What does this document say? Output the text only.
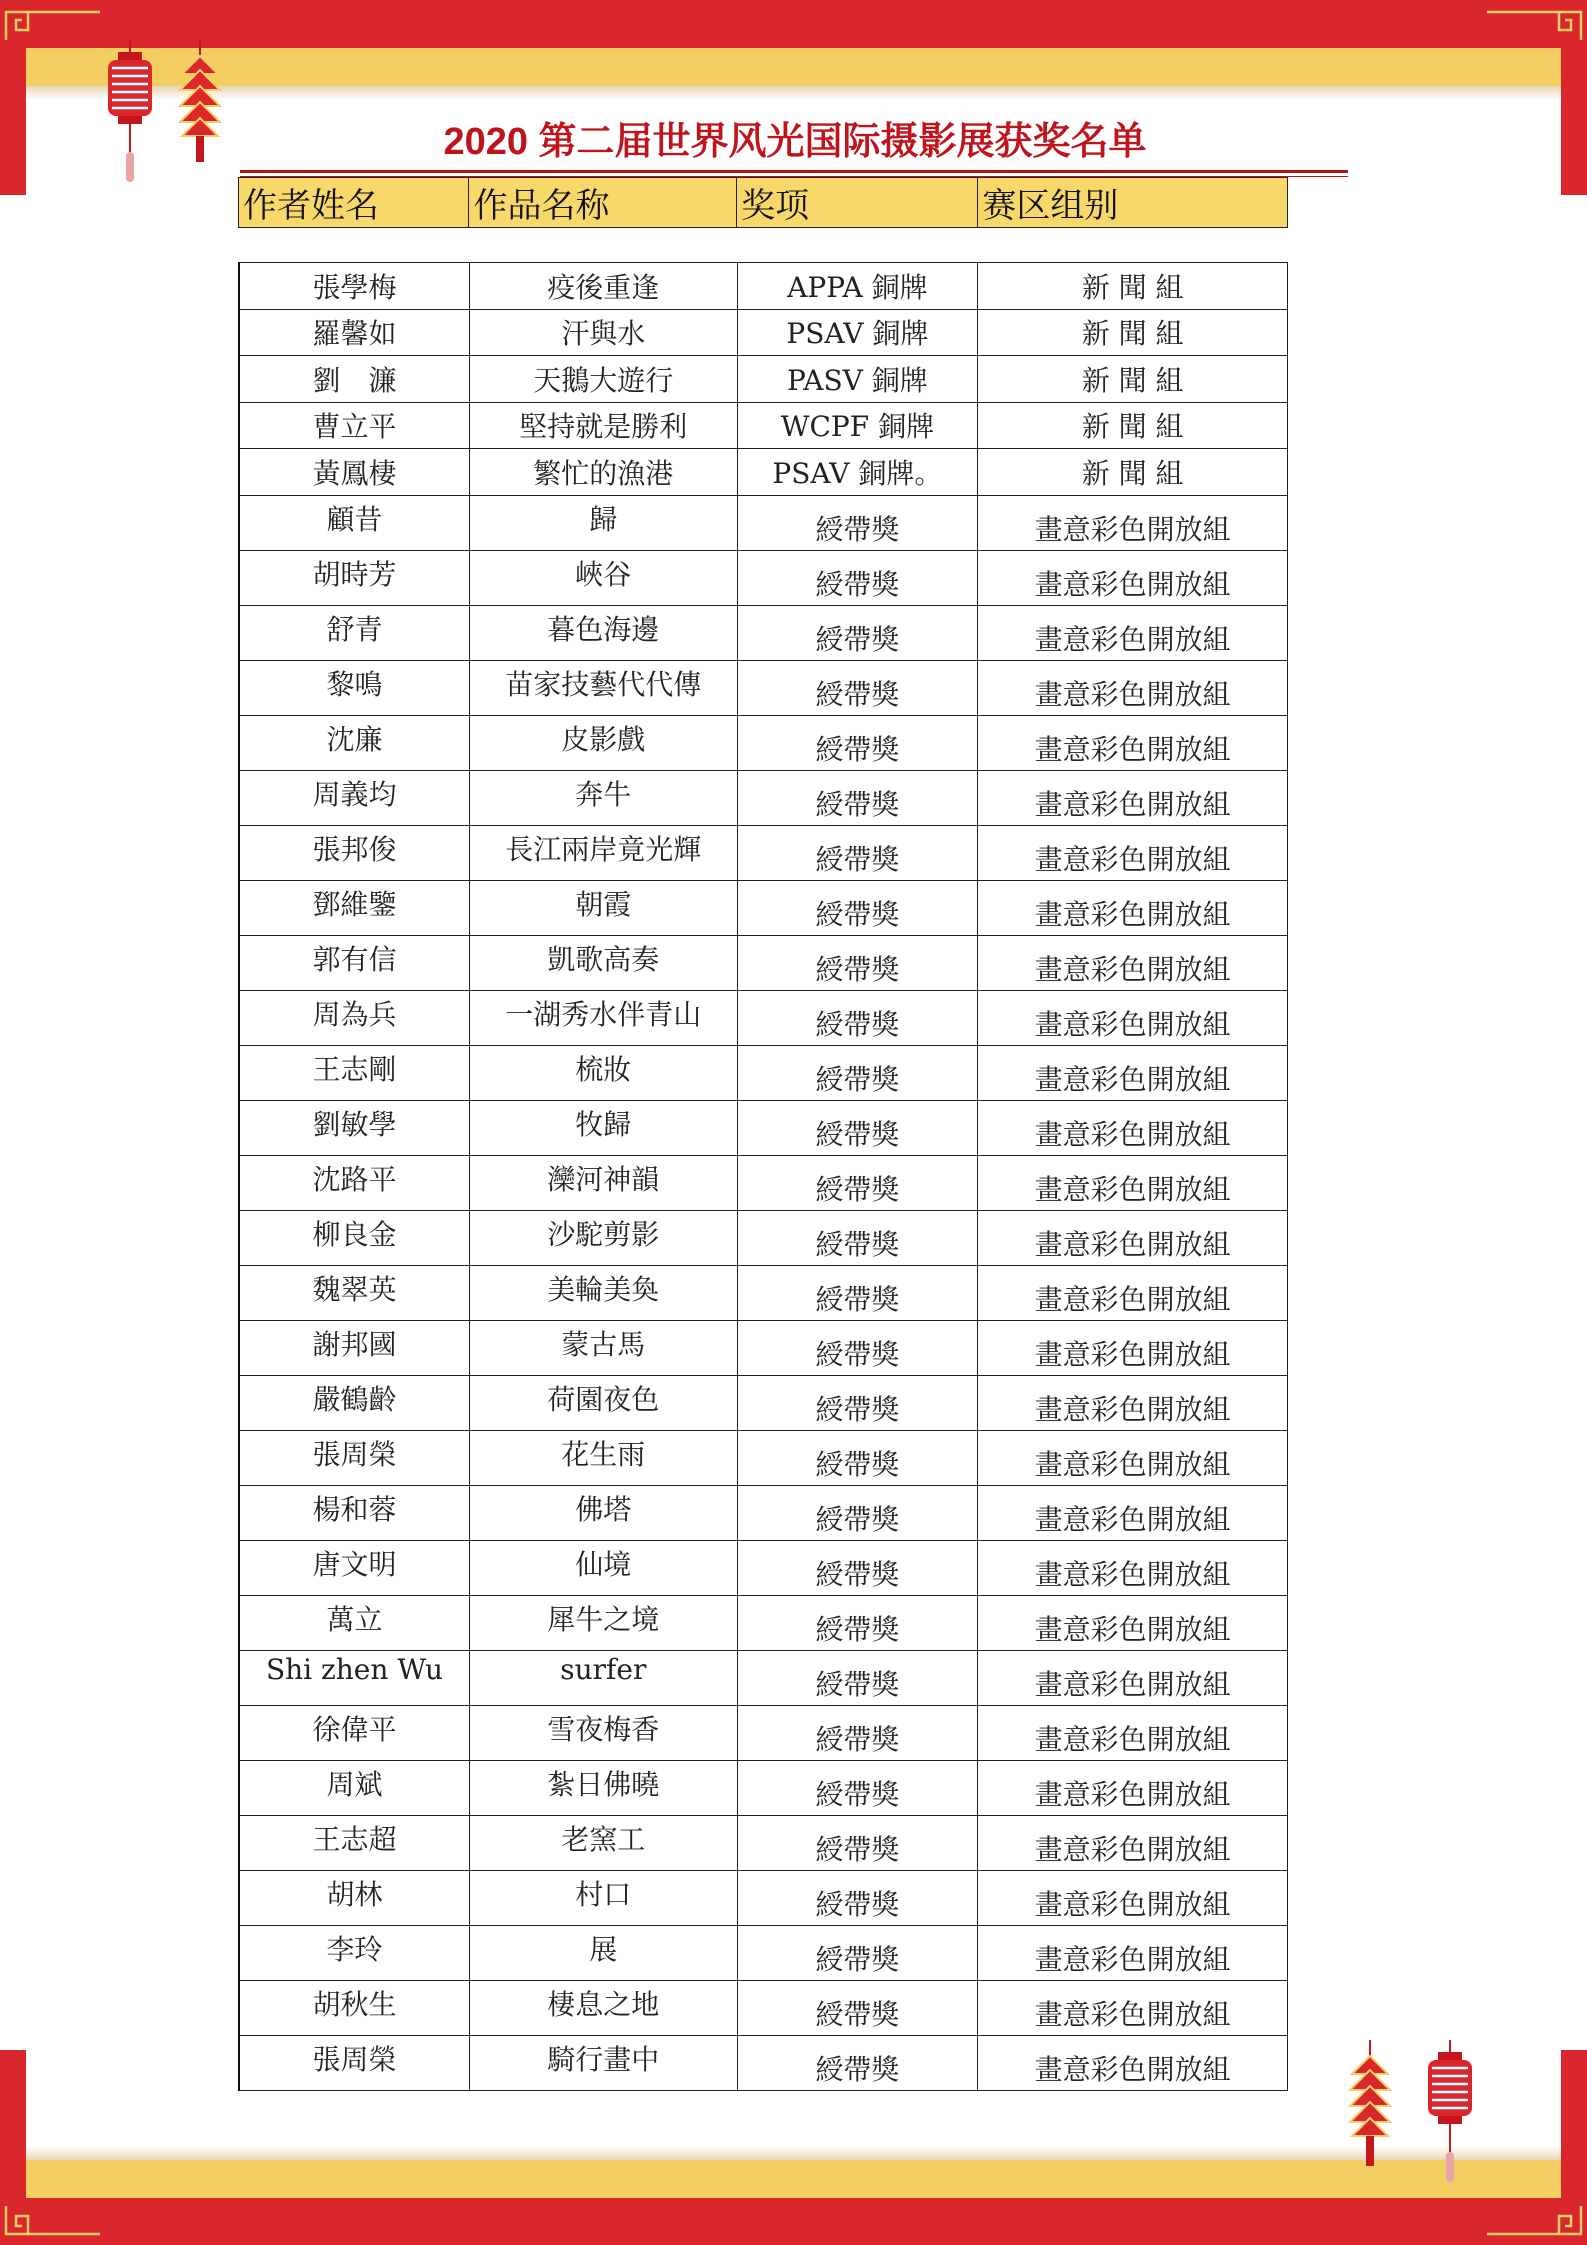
2020 第二届世界风光国际摄影展获奖名单
作者姓名	作品名称	奖项	赛区组别
張學梅	疫後重逢	APPA 銅牌	新 聞 組
羅馨如	汗與水	PSAV 銅牌	新 聞 組
劉　濂	天鵝大遊行	PASV 銅牌	新 聞 組
曹立平	堅持就是勝利	WCPF 銅牌	新 聞 組
黃鳳棲	繁忙的漁港	PSAV 銅牌。	新 聞 組
顧昔	歸	綬帶獎	畫意彩色開放組
胡時芳	峽谷	綬帶獎	畫意彩色開放組
舒青	暮色海邊	綬帶獎	畫意彩色開放組
黎鳴	苗家技藝代代傳	綬帶獎	畫意彩色開放組
沈廉	皮影戲	綬帶獎	畫意彩色開放組
周義均	奔牛	綬帶獎	畫意彩色開放組
張邦俊	長江兩岸竟光輝	綬帶獎	畫意彩色開放組
鄧維鑒	朝霞	綬帶獎	畫意彩色開放組
郭有信	凱歌高奏	綬帶獎	畫意彩色開放組
周為兵	一湖秀水伴青山	綬帶獎	畫意彩色開放組
王志剛	梳妝	綬帶獎	畫意彩色開放組
劉敏學	牧歸	綬帶獎	畫意彩色開放組
沈路平	灤河神韻	綬帶獎	畫意彩色開放組
柳良金	沙駝剪影	綬帶獎	畫意彩色開放組
魏翠英	美輪美奐	綬帶獎	畫意彩色開放組
謝邦國	蒙古馬	綬帶獎	畫意彩色開放組
嚴鶴齡	荷園夜色	綬帶獎	畫意彩色開放組
張周榮	花生雨	綬帶獎	畫意彩色開放組
楊和蓉	佛塔	綬帶獎	畫意彩色開放組
唐文明	仙境	綬帶獎	畫意彩色開放組
萬立	犀牛之境	綬帶獎	畫意彩色開放組
Shi zhen Wu	surfer	綬帶獎	畫意彩色開放組
徐偉平	雪夜梅香	綬帶獎	畫意彩色開放組
周斌	紮日佛曉	綬帶獎	畫意彩色開放組
王志超	老窯工	綬帶獎	畫意彩色開放組
胡林	村口	綬帶獎	畫意彩色開放組
李玲	展	綬帶獎	畫意彩色開放組
胡秋生	棲息之地	綬帶獎	畫意彩色開放組
張周榮	騎行畫中	綬帶獎	畫意彩色開放組
